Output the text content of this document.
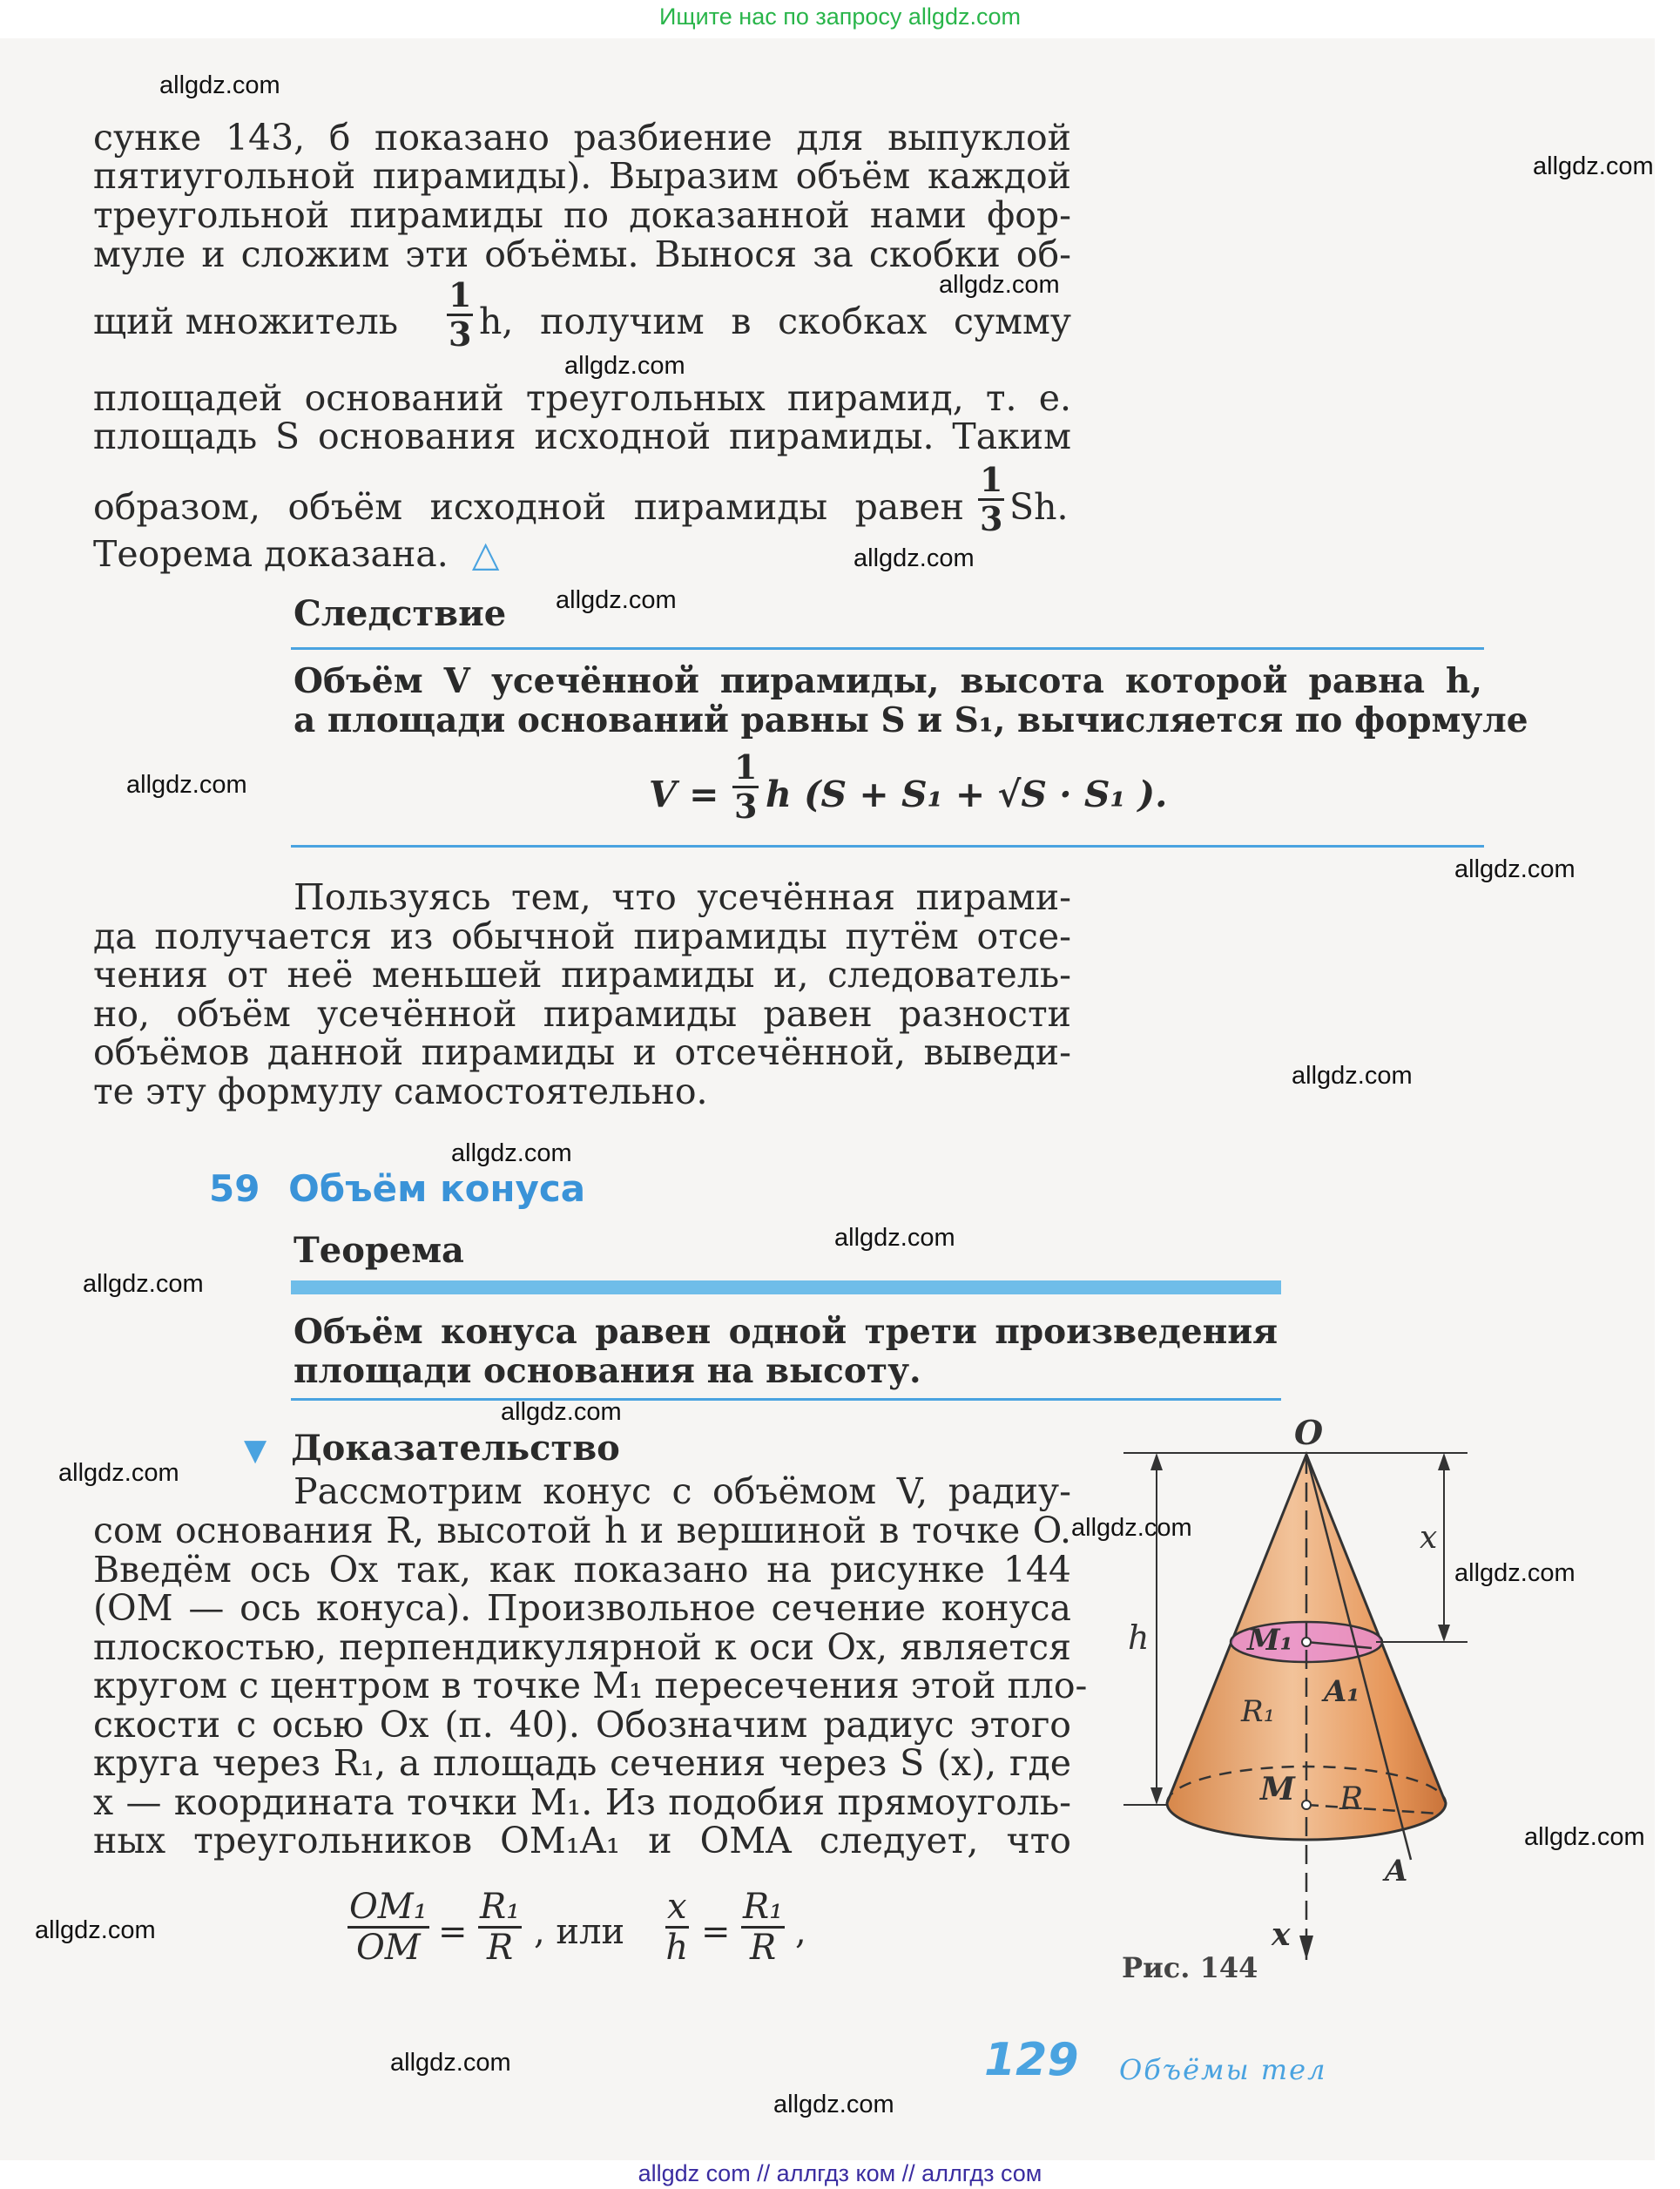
Ищите нас по запросу allgdz.com
сунке 143, б показано разбиение для выпуклой
пятиугольной пирамиды). Выразим объём каждой
треугольной пирамиды по доказанной нами фор-
муле и сложим эти объёмы. Вынося за скобки об-
щий множитель $\frac{1}{3} h$, получим в скобках сумму
площадей оснований треугольных пирамид, т. е.
площадь S основания исходной пирамиды. Таким
образом, объём исходной пирамиды равен $\frac{1}{3} Sh$.
Теорема доказана. △
Следствие
Объём V усечённой пирамиды, высота которой равна h,
а площади оснований равны S и S₁, вычисляется по формуле
$V = \frac{1}{3}$ h (S + S₁ + √S · S₁ ).
Пользуясь тем, что усечённая пирами-
да получается из обычной пирамиды путём отсе-
чения от неё меньшей пирамиды и, следователь-
но, объём усечённой пирамиды равен разности
объёмов данной пирамиды и отсечённой, выведи-
те эту формулу самостоятельно.
59 Объём конуса
Теорема
Объём конуса равен одной трети произведения
площади основания на высоту.
▼ Доказательство
Рассмотрим конус с объёмом V, радиу-
сом основания R, высотой h и вершиной в точке O.
Введём ось Ox так, как показано на рисунке 144
(OM — ось конуса). Произвольное сечение конуса
плоскостью, перпендикулярной к оси Ox, является
кругом с центром в точке M₁ пересечения этой пло-
скости с осью Ox (п. 40). Обозначим радиус этого
круга через R₁, а площадь сечения через S (x), где
x — координата точки M₁. Из подобия прямоуголь-
ных треугольников OM₁A₁ и OMA следует, что
$\frac{\text{OM₁}}{OM} = \frac{\text{R₁}}{R}$ , или $\frac{x}{h} = \frac{\text{R₁}}{R}$ ,
O
x
h	M₁
A₁
R₁
M R
A
x
Рис. 144
129 Объёмы тел
allgdz.com
allgdz.com
allgdz.com
allgdz.com
allgdz.com
allgdz.com
allgdz.com
allgdz.com
allgdz.com
allgdz.com
allgdz.com
allgdz.com
allgdz.com
allgdz.com
allgdz.com
allgdz.com
allgdz.com
allgdz.com
allgdz.com
allgdz.com
allgdz com // аллгдз ком // аллгдз сом
